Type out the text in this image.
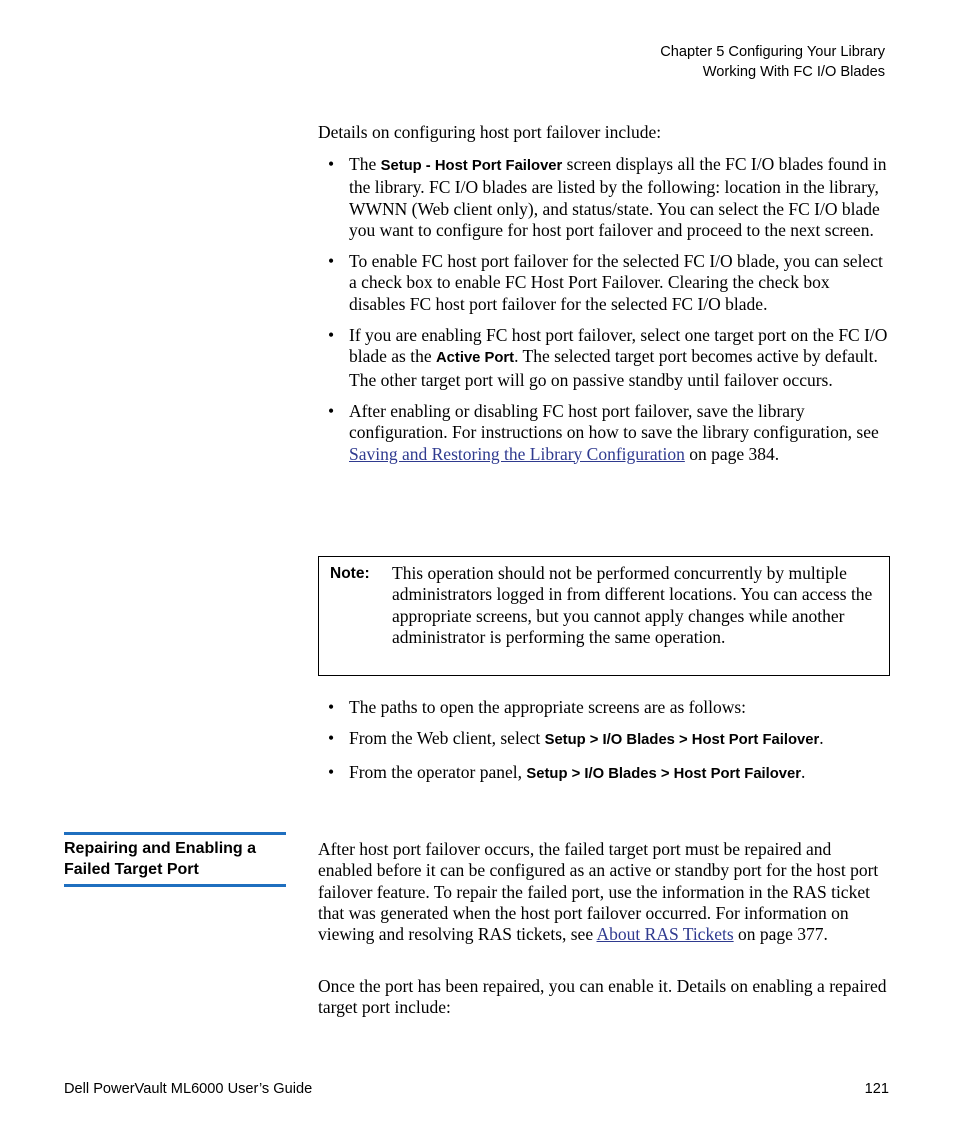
Chapter 5 Configuring Your Library
Working With FC I/O Blades

Details on configuring host port failover include:

• The Setup - Host Port Failover screen displays all the FC I/O blades found in the library. FC I/O blades are listed by the following: location in the library, WWNN (Web client only), and status/state. You can select the FC I/O blade you want to configure for host port failover and proceed to the next screen.
• To enable FC host port failover for the selected FC I/O blade, you can select a check box to enable FC Host Port Failover. Clearing the check box disables FC host port failover for the selected FC I/O blade.
• If you are enabling FC host port failover, select one target port on the FC I/O blade as the Active Port. The selected target port becomes active by default. The other target port will go on passive standby until failover occurs.
• After enabling or disabling FC host port failover, save the library configuration. For instructions on how to save the library configuration, see Saving and Restoring the Library Configuration on page 384.
Note: This operation should not be performed concurrently by multiple administrators logged in from different locations. You can access the appropriate screens, but you cannot apply changes while another administrator is performing the same operation.

• The paths to open the appropriate screens are as follows:
• From the Web client, select Setup > I/O Blades > Host Port Failover.
• From the operator panel, Setup > I/O Blades > Host Port Failover.
Repairing and Enabling a Failed Target Port

After host port failover occurs, the failed target port must be repaired and enabled before it can be configured as an active or standby port for the host port failover feature. To repair the failed port, use the information in the RAS ticket that was generated when the host port failover occurred. For information on viewing and resolving RAS tickets, see About RAS Tickets on page 377.

Once the port has been repaired, you can enable it. Details on enabling a repaired target port include:

Dell PowerVault ML6000 User’s Guide	121
